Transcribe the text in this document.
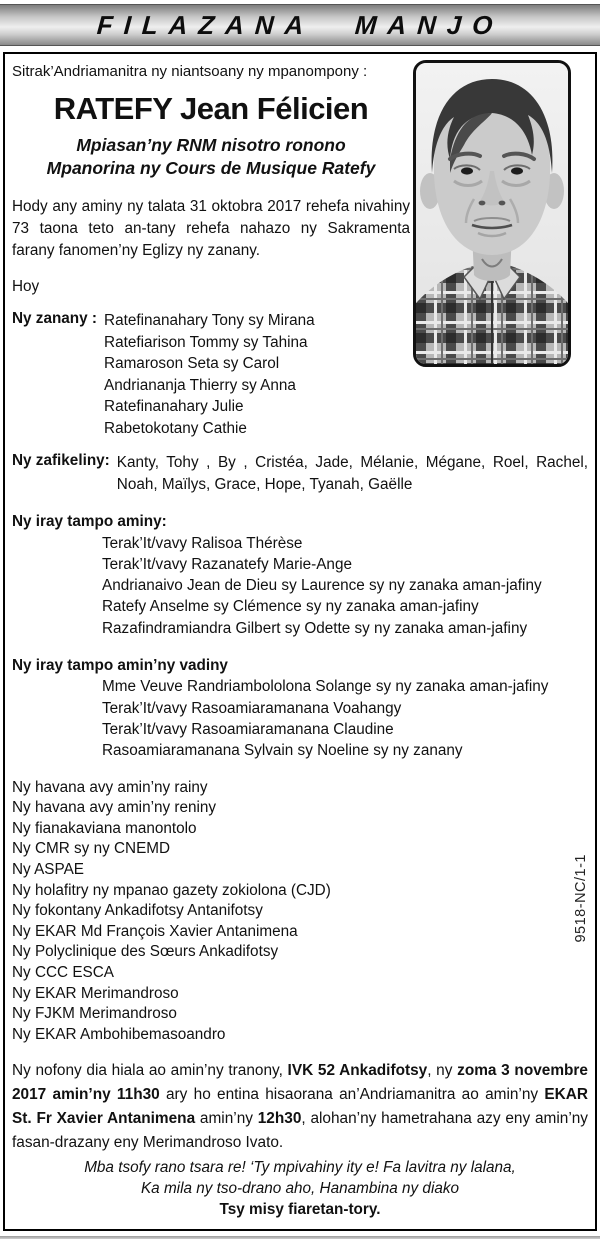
FILAZANA MANJO
9518-NC/1-1

Sitrak’Andriamanitra ny niantsoany ny mpanompony :

RATEFY Jean Félicien

Mpiasan’ny RNM nisotro ronono

Mpanorina ny Cours de Musique Ratefy

Hody any aminy ny talata 31 oktobra 2017 rehefa nivahiny 73 taona teto an-tany rehefa nahazo ny Sakramenta farany fanomen’ny Eglizy ny zanany.

Hoy

Ny zanany : Ratefinanahary Tony sy Mirana
Ratefiarison Tommy sy Tahina
Ramaroson Seta sy Carol
Andriananja Thierry sy Anna
Ratefinanahary Julie
Rabetokotany Cathie
Ny zafikeliny: Kanty, Tohy , By , Cristéa, Jade, Mélanie, Mégane, Roel, Rachel, Noah, Maïlys, Grace, Hope, Tyanah, Gaëlle
Ny iray tampo aminy:
Terak’It/vavy Ralisoa Thérèse
Terak’It/vavy Razanatefy Marie-Ange
Andrianaivo Jean de Dieu sy Laurence sy ny zanaka aman-jafiny
Ratefy Anselme sy Clémence sy ny zanaka aman-jafiny
Razafindramiandra Gilbert sy Odette sy ny zanaka aman-jafiny
Ny iray tampo amin’ny vadiny
Mme Veuve Randriambololona Solange sy ny zanaka aman-jafiny
Terak’It/vavy Rasoamiaramanana Voahangy
Terak’It/vavy Rasoamiaramanana Claudine
Rasoamiaramanana Sylvain sy Noeline sy ny zanany
Ny havana avy amin’ny rainy
Ny havana avy amin’ny reniny
Ny fianakaviana manontolo
Ny CMR sy ny CNEMD
Ny ASPAE
Ny holafitry ny mpanao gazety zokiolona (CJD)
Ny fokontany Ankadifotsy Antanifotsy
Ny EKAR Md François Xavier Antanimena
Ny Polyclinique des Sœurs Ankadifotsy
Ny CCC ESCA
Ny EKAR Merimandroso
Ny FJKM Merimandroso
Ny EKAR Ambohibemasoandro

Ny nofony dia hiala ao amin’ny tranony, IVK 52 Ankadifotsy, ny zoma 3 novembre 2017 amin’ny 11h30 ary ho entina hisaorana an’Andriamanitra ao amin’ny EKAR St. Fr Xavier Antanimena amin’ny 12h30, alohan’ny hametrahana azy eny amin’ny fasan-drazany eny Merimandroso Ivato.

Mba tsofy rano tsara re! ‘Ty mpivahiny ity e! Fa lavitra ny lalana,

Ka mila ny tso-drano aho, Hanambina ny diako

Tsy misy fiaretan-tory.
